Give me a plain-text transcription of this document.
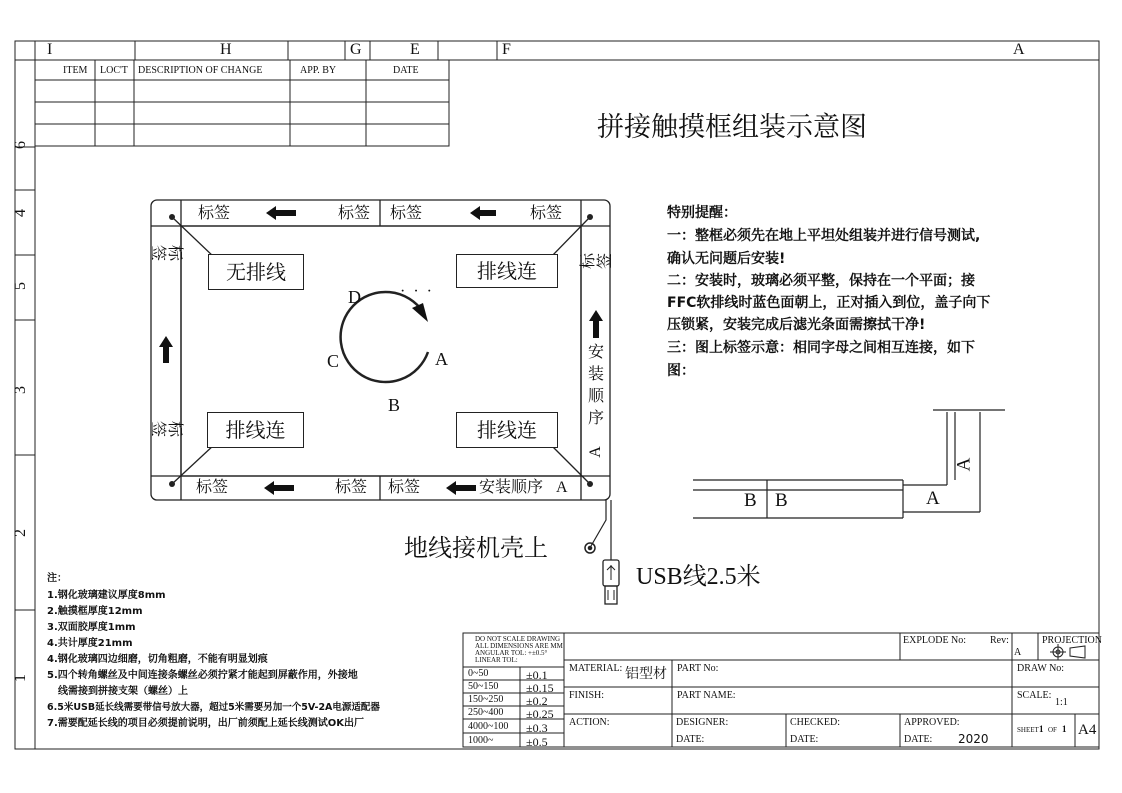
I	H	G	E	F	A
6
4
5
3
2
1
ITEM LOC'T DESCRIPTION OF CHANGE	APP. BY	DATE
拼接触摸框组装示意图
标签	标签 标签	标签
标签	标签 标签	安装顺序 A
标签
标签
标签
安装顺序
A
无排线	排线连
排线连	排线连
D · · ·
C	A
B
地线接机壳上
USB线2.5米
特别提醒：
一：整框必须先在地上平坦处组装并进行信号测试,
确认无问题后安装!
二：安装时，玻璃必须平整，保持在一个平面；接
FFC软排线时蓝色面朝上，正对插入到位，盖子向下
压锁紧，安装完成后滤光条面需擦拭干净!
三：图上标签示意：相同字母之间相互连接，如下
图：
B B	A
A
注：
1.钢化玻璃建议厚度8mm
2.触摸框厚度12mm
3.双面胶厚度1mm
4.共计厚度21mm
4.钢化玻璃四边细磨，切角粗磨，不能有明显划痕
5.四个转角螺丝及中间连接条螺丝必须拧紧才能起到屏蔽作用，外接地
线需接到拼接支架（螺丝）上
6.5米USB延长线需要带信号放大器，超过5米需要另加一个5V-2A电源适配器
7.需要配延长线的项目必须提前说明，出厂前须配上延长线测试OK出厂
DO NOT SCALE DRAWING
ALL DIMENSIONS ARE MM
ANGULAR TOL: +±0.5°
LINEAR TOL:
0~50	±0.1
50~150 ±0.15
150~250 ±0.2
250~400 ±0.25
4000~100 ±0.3
1000~	±0.5
EXPLODE No: Rev:
A
PROJECTION
MATERIAL: 铝型材 PART No:	DRAW No:
FINISH:	PART NAME:	SCALE:
1:1
ACTION:	DESIGNER:
DATE:
CHECKED:
DATE:
APPROVED:
DATE: 2020
SHEET 1 OF 1 A4
